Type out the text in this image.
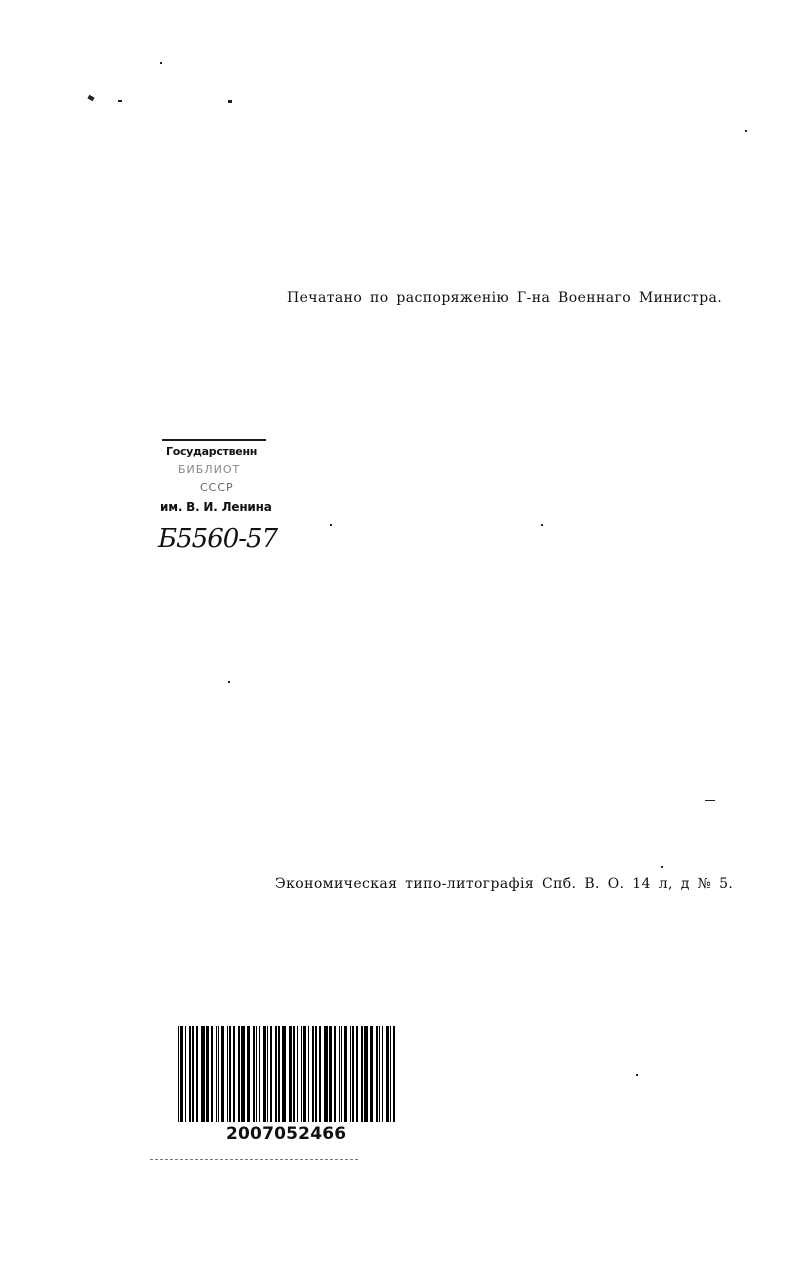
Печатано по распоряженію Г-на Военнаго Министра.
Государственн
БИБЛИОТ
СССР
им. В. И. Ленина
Б5560-57
Экономическая типо-литографія Спб. В. О. 14 л, д № 5.
2007052466
